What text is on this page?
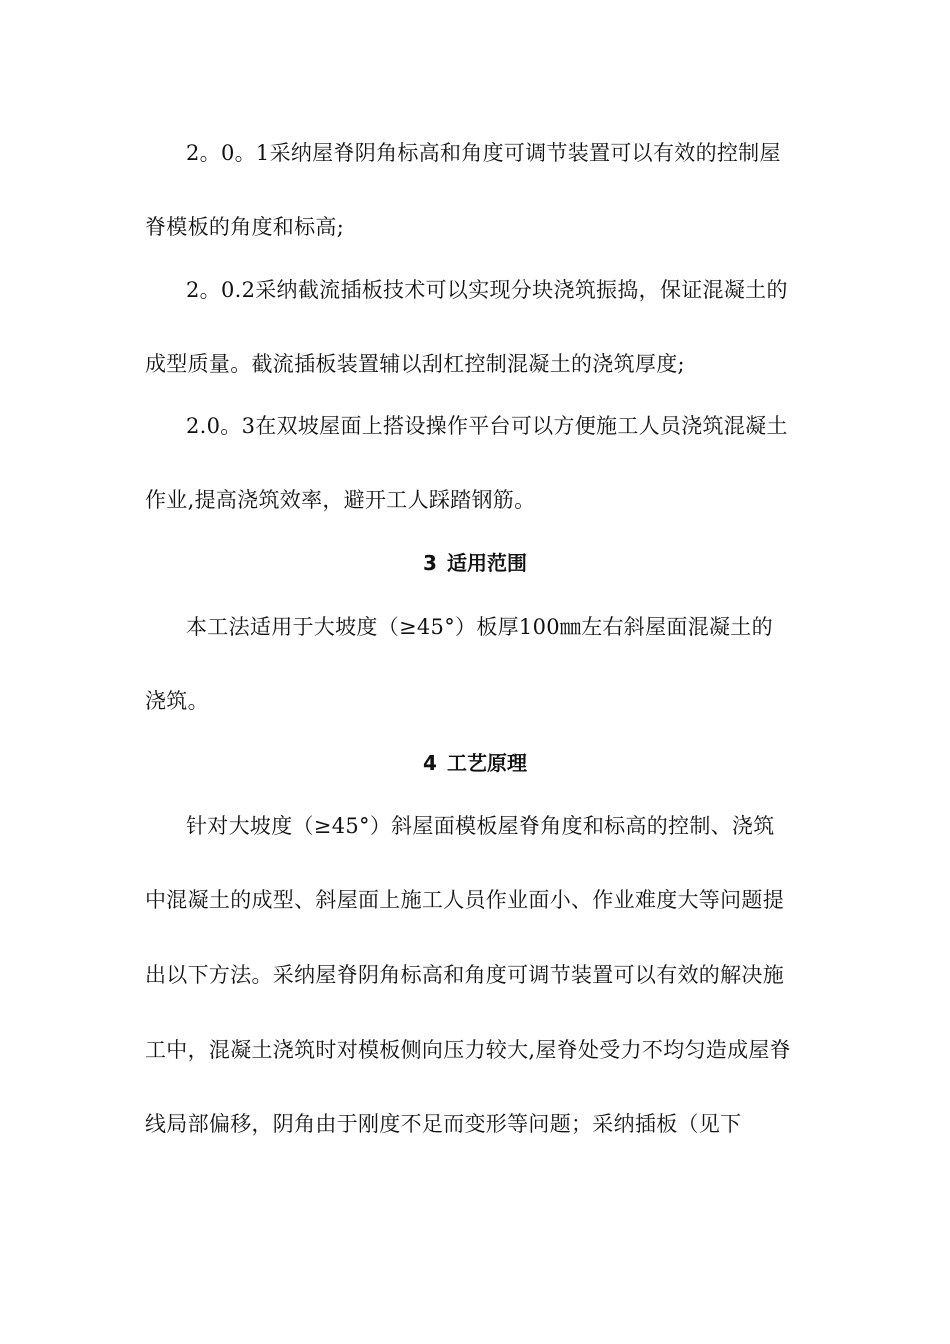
2。0。1采纳屋脊阴角标高和角度可调节装置可以有效的控制屋
脊模板的角度和标高;
2。0.2采纳截流插板技术可以实现分块浇筑振捣，保证混凝土的
成型质量。截流插板装置辅以刮杠控制混凝土的浇筑厚度;
2.0。3在双坡屋面上搭设操作平台可以方便施工人员浇筑混凝土
作业,提高浇筑效率，避开工人踩踏钢筋。
3 适用范围
本工法适用于大坡度（≥45°）板厚100㎜左右斜屋面混凝土的
浇筑。
4 工艺原理
针对大坡度（≥45°）斜屋面模板屋脊角度和标高的控制、浇筑
中混凝土的成型、斜屋面上施工人员作业面小、作业难度大等问题提
出以下方法。采纳屋脊阴角标高和角度可调节装置可以有效的解决施
工中，混凝土浇筑时对模板侧向压力较大,屋脊处受力不均匀造成屋脊
线局部偏移，阴角由于刚度不足而变形等问题；采纳插板（见下
